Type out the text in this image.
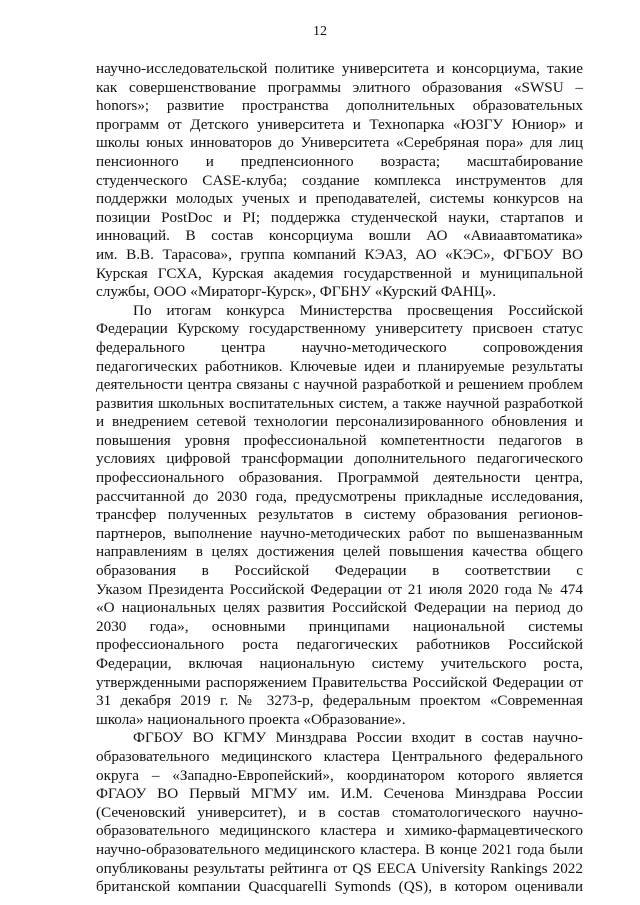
12
научно-исследовательской политике университета и консорциума, такие
как совершенствование программы элитного образования «SWSU –
honors»; развитие пространства дополнительных образовательных
программ от Детского университета и Технопарка «ЮЗГУ Юниор» и
школы юных инноваторов до Университета «Серебряная пора» для лиц
пенсионного и предпенсионного возраста; масштабирование
студенческого CASE-клуба; создание комплекса инструментов для
поддержки молодых ученых и преподавателей, системы конкурсов на
позиции PostDoc и PI; поддержка студенческой науки, стартапов и
инноваций. В состав консорциума вошли АО «Авиаавтоматика»
им. В.В. Тарасова», группа компаний КЭАЗ, АО «КЭС», ФГБОУ ВО
Курская ГСХА, Курская академия государственной и муниципальной
службы, ООО «Мираторг-Курск», ФГБНУ «Курский ФАНЦ».
По итогам конкурса Министерства просвещения Российской
Федерации Курскому государственному университету присвоен статус
федерального центра научно-методического сопровождения
педагогических работников. Ключевые идеи и планируемые результаты
деятельности центра связаны с научной разработкой и решением проблем
развития школьных воспитательных систем, а также научной разработкой
и внедрением сетевой технологии персонализированного обновления и
повышения уровня профессиональной компетентности педагогов в
условиях цифровой трансформации дополнительного педагогического
профессионального образования. Программой деятельности центра,
рассчитанной до 2030 года, предусмотрены прикладные исследования,
трансфер полученных результатов в систему образования регионов-
партнеров, выполнение научно-методических работ по вышеназванным
направлениям в целях достижения целей повышения качества общего
образования в Российской Федерации в соответствии с
Указом Президента Российской Федерации от 21 июля 2020 года № 474
«О национальных целях развития Российской Федерации на период до
2030 года», основными принципами национальной системы
профессионального роста педагогических работников Российской
Федерации, включая национальную систему учительского роста,
утвержденными распоряжением Правительства Российской Федерации от
31 декабря 2019 г. № 3273-р, федеральным проектом «Современная
школа» национального проекта «Образование».
ФГБОУ ВО КГМУ Минздрава России входит в состав научно-
образовательного медицинского кластера Центрального федерального
округа – «Западно-Европейский», координатором которого является
ФГАОУ ВО Первый МГМУ им. И.М. Сеченова Минздрава России
(Сеченовский университет), и в состав стоматологического научно-
образовательного медицинского кластера и химико-фармацевтического
научно-образовательного медицинского кластера. В конце 2021 года были
опубликованы результаты рейтинга от QS EECA University Rankings 2022
британской компании Quacquarelli Symonds (QS), в котором оценивали
